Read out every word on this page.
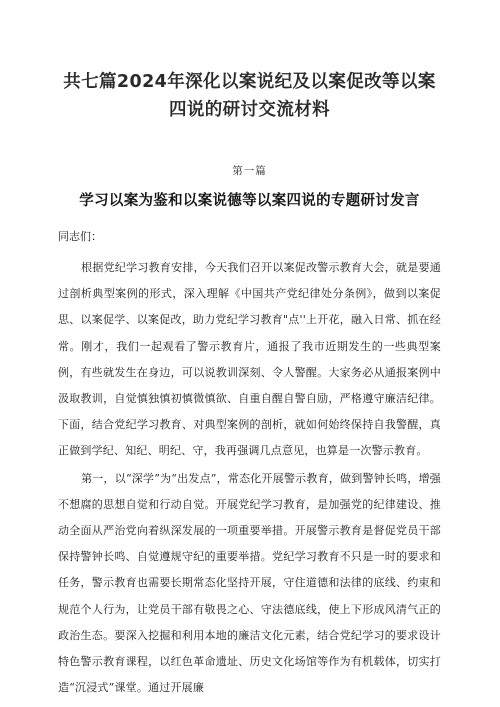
共七篇2024年深化以案说纪及以案促改等以案四说的研讨交流材料
第一篇
学习以案为鉴和以案说德等以案四说的专题研讨发言

同志们：

根据党纪学习教育安排，今天我们召开以案促改警示教育大会，就是要通过剖析典型案例的形式，深入理解《中国共产党纪律处分条例》，做到以案促思、以案促学、以案促改，助力党纪学习教育"点''上开花，融入日常、抓在经常。刚才，我们一起观看了警示教育片，通报了我市近期发生的一些典型案例，有些就发生在身边，可以说教训深刻、令人警醒。大家务必从通报案例中汲取教训，自觉慎独慎初慎微慎欲、自重自醒自警自励，严格遵守廉洁纪律。下面，结合党纪学习教育、对典型案例的剖析，就如何始终保持自我警醒，真正做到学纪、知纪、明纪、守，我再强调几点意见，也算是一次警示教育。

第一，以“深学”为“出发点”，常态化开展警示教育，做到警钟长鸣，增强不想腐的思想自觉和行动自觉。开展党纪学习教育，是加强党的纪律建设、推动全面从严治党向着纵深发展的一项重要举措。开展警示教育是督促党员干部保持警钟长鸣、自觉遵规守纪的重要举措。党纪学习教育不只是一时的要求和任务，警示教育也需要长期常态化坚持开展，守住道德和法律的底线、约束和规范个人行为，让党员干部有敬畏之心、守法德底线，使上下形成风清气正的政治生态。要深入挖掘和利用本地的廉洁文化元素，结合党纪学习的要求设计特色警示教育课程，以红色革命遗址、历史文化场馆等作为有机载体，切实打造“沉浸式”课堂。通过开展廉
